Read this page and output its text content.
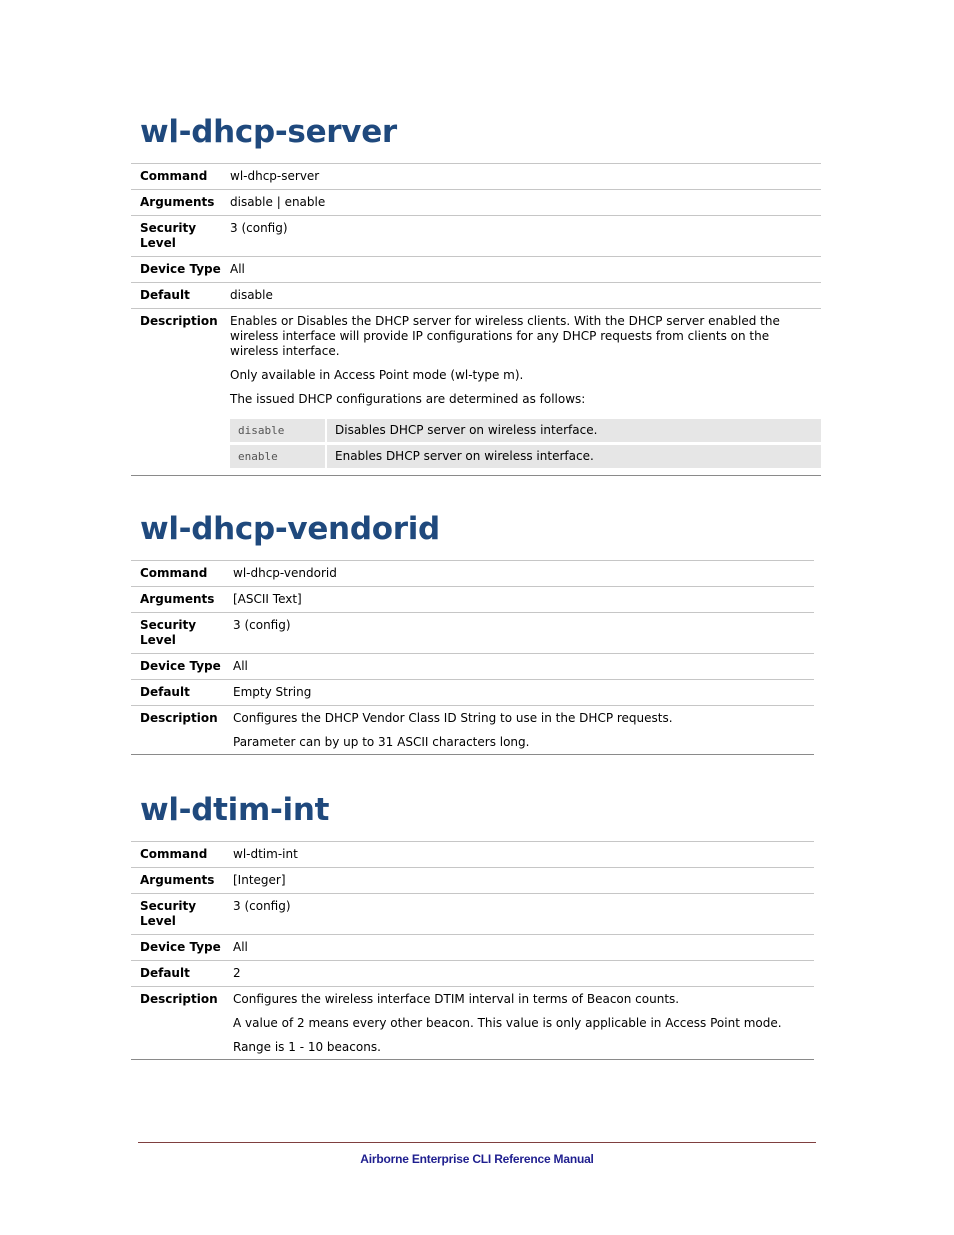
wl-dhcp-server
Command	wl-dhcp-server
Arguments	disable | enable
Security Level	3 (config)
Device Type	All
Default	disable
Description	Enables or Disables the DHCP server for wireless clients. With the DHCP server enabled the wireless interface will provide IP configurations for any DHCP requests from clients on the wireless interface.

Only available in Access Point mode (wl-type m).

The issued DHCP configurations are determined as follows:

disable	Disables DHCP server on wireless interface.
enable	Enables DHCP server on wireless interface.
wl-dhcp-vendorid
Command	wl-dhcp-vendorid
Arguments	[ASCII Text]
Security Level	3 (config)
Device Type	All
Default	Empty String
Description	Configures the DHCP Vendor Class ID String to use in the DHCP requests.

Parameter can by up to 31 ASCII characters long.

wl-dtim-int
Command	wl-dtim-int
Arguments	[Integer]
Security Level	3 (config)
Device Type	All
Default	2
Description	Configures the wireless interface DTIM interval in terms of Beacon counts.

A value of 2 means every other beacon. This value is only applicable in Access Point mode.

Range is 1 - 10 beacons.

Airborne Enterprise CLI Reference Manual
